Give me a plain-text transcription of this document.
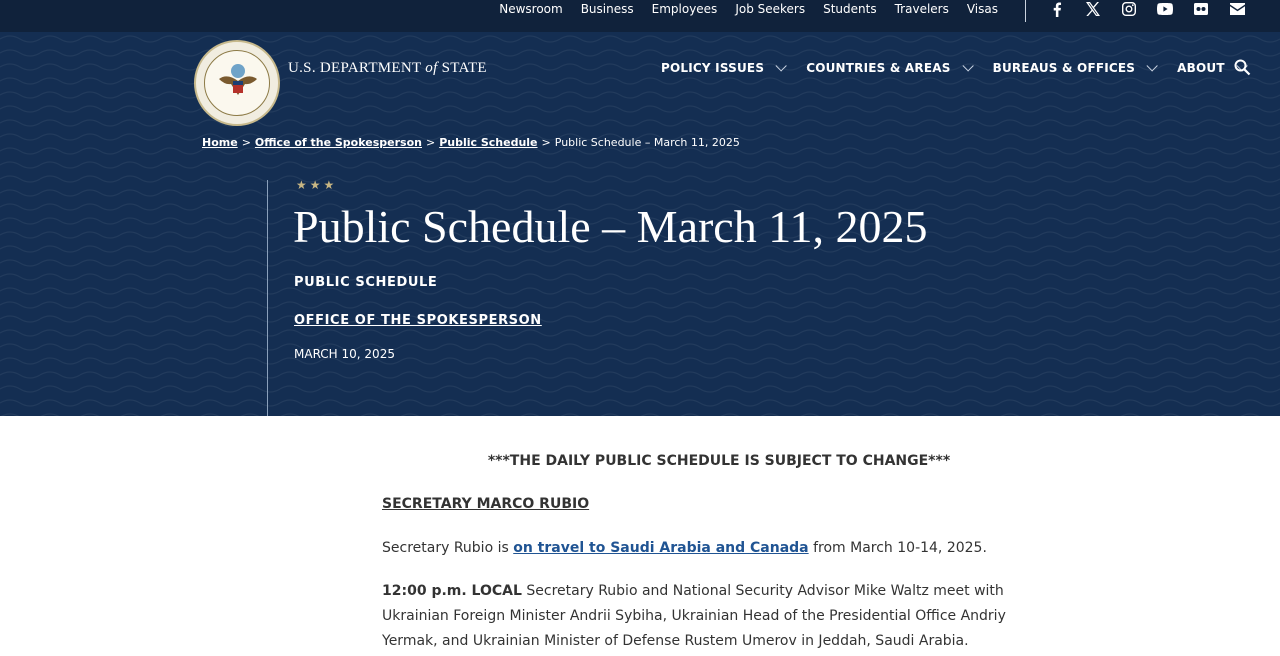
Newsroom Business Employees Job Seekers Students Travelers Visas
U.S. DEPARTMENT of STATE	POLICY ISSUES	COUNTRIES & AREAS	BUREAUS & OFFICES	ABOUT
Home > Office of the Spokesperson > Public Schedule > Public Schedule – March 11, 2025
★★★
Public Schedule – March 11, 2025
PUBLIC SCHEDULE
OFFICE OF THE SPOKESPERSON
MARCH 10, 2025
***THE DAILY PUBLIC SCHEDULE IS SUBJECT TO CHANGE***
SECRETARY MARCO RUBIO

Secretary Rubio is on travel to Saudi Arabia and Canada from March 10-14, 2025.

12:00 p.m. LOCAL Secretary Rubio and National Security Advisor Mike Waltz meet with Ukrainian Foreign Minister Andrii Sybiha, Ukrainian Head of the Presidential Office Andriy Yermak, and Ukrainian Minister of Defense Rustem Umerov in Jeddah, Saudi Arabia.
